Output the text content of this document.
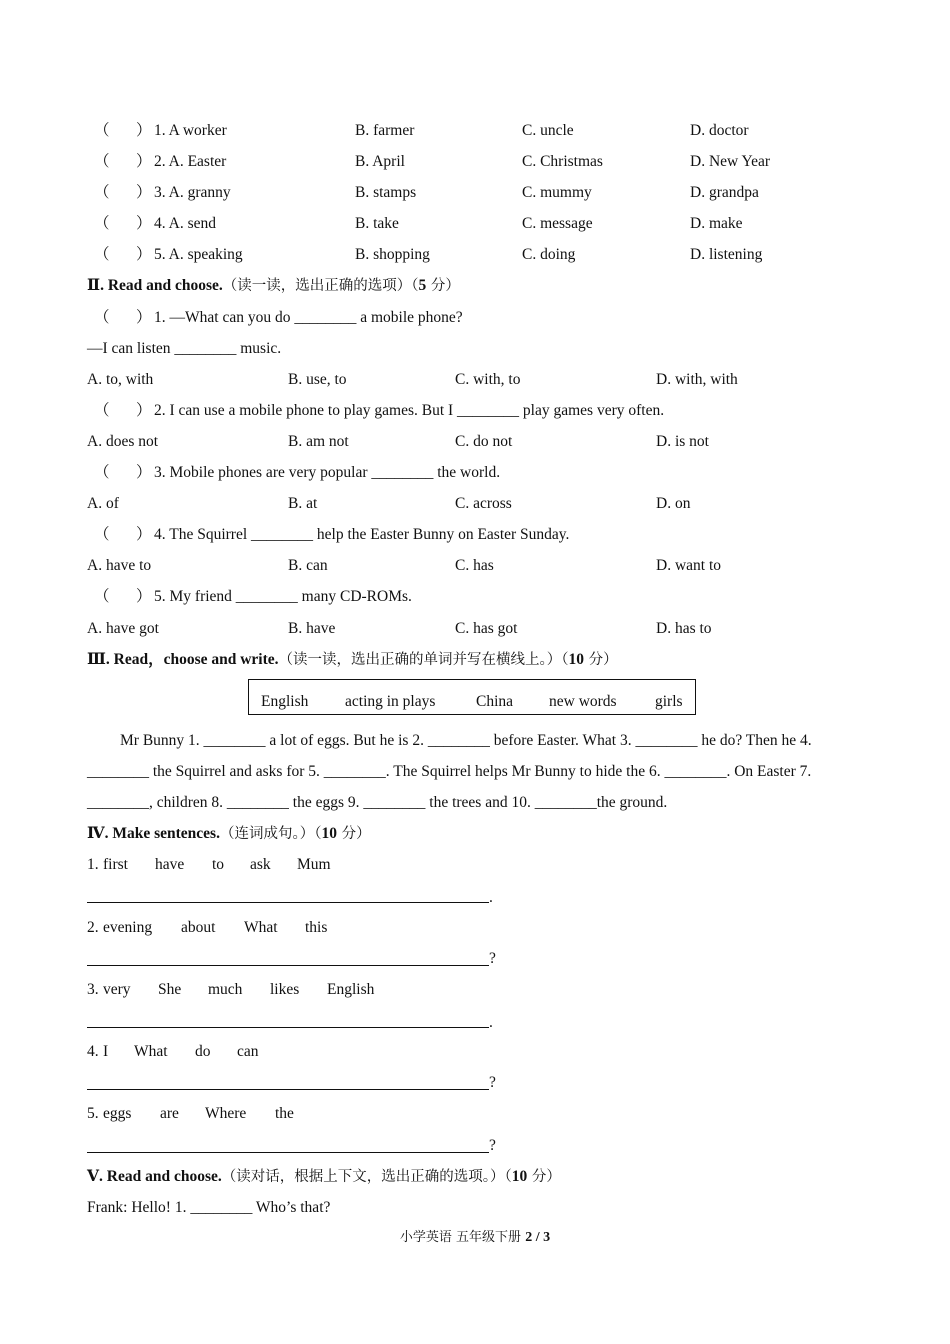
（ ） 1. A worker	B. farmer	C. uncle	D. doctor
（ ） 2. A. Easter	B. April	C. Christmas	D. New Year
（ ） 3. A. granny	B. stamps	C. mummy	D. grandpa
（ ） 4. A. send	B. take	C. message	D. make
（ ） 5. A. speaking	B. shopping	C. doing	D. listening
Ⅱ. Read and choose.（读一读，选出正确的选项）（5 分）
（ ） 1. —What can you do ________ a mobile phone?
—I can listen ________ music.
A. to, with	B. use, to	C. with, to	D. with, with
（ ） 2. I can use a mobile phone to play games. But I ________ play games very often.
A. does not	B. am not	C. do not	D. is not
（ ） 3. Mobile phones are very popular ________ the world.
A. of	B. at	C. across	D. on
（ ） 4. The Squirrel ________ help the Easter Bunny on Easter Sunday.
A. have to	B. can	C. has	D. want to
（ ） 5. My friend ________ many CD-ROMs.
A. have got	B. have	C. has got	D. has to
Ⅲ. Read，choose and write.（读一读，选出正确的单词并写在横线上。）（10 分）
English acting in plays	China new words girls
Mr Bunny 1. ________ a lot of eggs. But he is 2. ________ before Easter. What 3. ________ he do? Then he 4.
________ the Squirrel and asks for 5. ________. The Squirrel helps Mr Bunny to hide the 6. ________. On Easter 7.
________, children 8. ________ the eggs 9. ________ the trees and 10. ________the ground.
Ⅳ. Make sentences.（连词成句。）（10 分）
1. first have to ask Mum
.
2. evening about What this
?
3. very She much likes English
.
4. I What do can
?
5. eggs are Where the
?
Ⅴ. Read and choose.（读对话，根据上下文，选出正确的选项。）（10 分）
Frank: Hello! 1. ________ Who’s that?
小学英语 五年级下册 2 / 3
